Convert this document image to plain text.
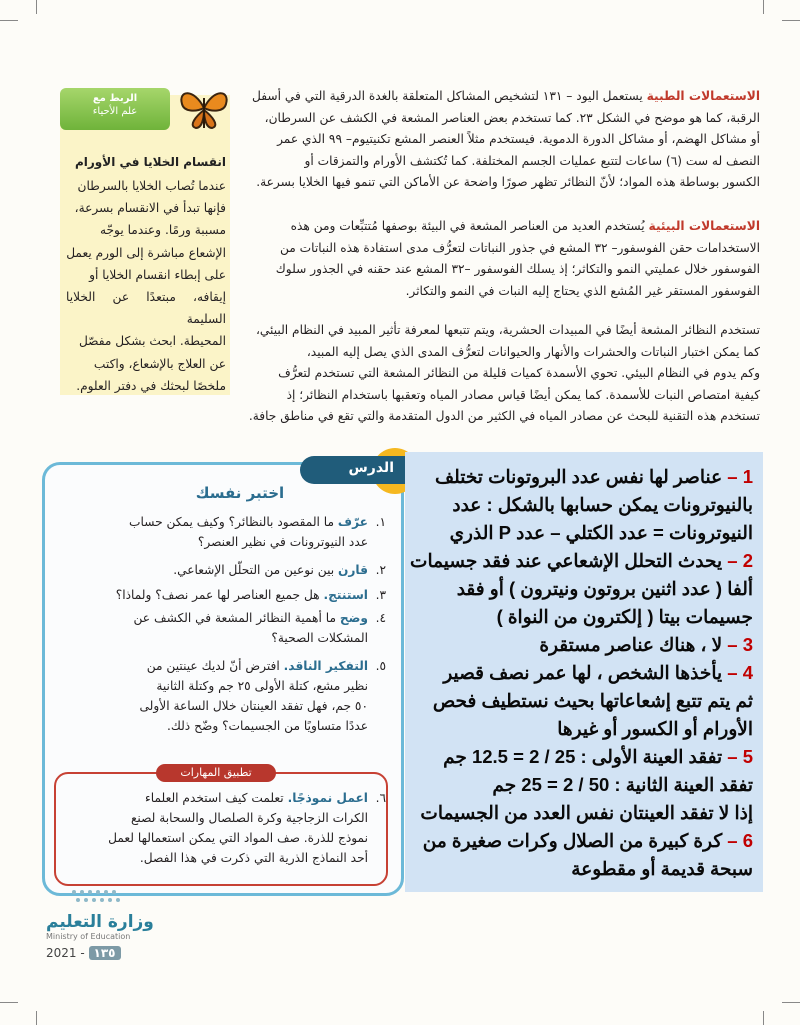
انقسام الخلايا في الأورام
عندما تُصاب الخلايا بالسرطان
فإنها تبدأ في الانقسام بسرعة،
مسببة ورمًا. وعندما يوجّه
الإشعاع مباشرة إلى الورم يعمل
على إبطاء انقسام الخلايا أو
إيقافه، مبتعدًا عن الخلايا السليمة
المحيطة. ابحث بشكل مفصّل
عن العلاج بالإشعاع، واكتب
ملخصًا لبحثك في دفتر العلوم.
الربط مع
علم الأحياء
الاستعمالات الطبية يستعمل اليود – ١٣١ لتشخيص المشاكل المتعلقة بالغدة الدرقية التي في أسفل
الرقبة، كما هو موضح في الشكل ٢٣. كما تستخدم بعض العناصر المشعة في الكشف عن السرطان،
أو مشاكل الهضم، أو مشاكل الدورة الدموية. فيستخدم مثلاً العنصر المشع تكنيتيوم– ٩٩ الذي عمر
النصف له ست (٦) ساعات لتتبع عمليات الجسم المختلفة. كما تُكتشف الأورام والتمزقات أو
الكسور بوساطة هذه المواد؛ لأنّ النظائر تظهر صورًا واضحة عن الأماكن التي تنمو فيها الخلايا بسرعة.
الاستعمالات البيئية يُستخدم العديد من العناصر المشعة في البيئة بوصفها مُتتبِّعات ومن هذه
الاستخدامات حقن الفوسفور– ٣٢ المشع في جذور النباتات لتعرُّف مدى استفادة هذه النباتات من
الفوسفور خلال عمليتي النمو والتكاثر؛ إذ يسلك الفوسفور –٣٢ المشع عند حقنه في الجذور سلوك
الفوسفور المستقر غير المُشع الذي يحتاج إليه النبات في النمو والتكاثر.
تستخدم النظائر المشعة أيضًا في المبيدات الحشرية، ويتم تتبعها لمعرفة تأثير المبيد في النظام البيئي،
كما يمكن اختبار النباتات والحشرات والأنهار والحيوانات لتعرُّف المدى الذي يصل إليه المبيد،
وكم يدوم في النظام البيئي. تحوي الأسمدة كميات قليلة من النظائر المشعة التي تستخدم لتعرُّف
كيفية امتصاص النبات للأسمدة. كما يمكن أيضًا قياس مصادر المياه وتعقبها باستخدام النظائر؛ إذ
تستخدم هذه التقنية للبحث عن مصادر المياه في الكثير من الدول المتقدمة والتي تقع في مناطق جافة.
الدرس
اختبر نفسك
١.
عرّف ما المقصود بالنظائر؟ وكيف يمكن حساب
عدد النيوترونات في نظير العنصر؟
٢.
قارن بين نوعين من التحلّل الإشعاعي.
٣.
استنتج. هل جميع العناصر لها عمر نصف؟ ولماذا؟
٤.
وضح ما أهمية النظائر المشعة في الكشف عن
المشكلات الصحية؟
٥.
التفكير الناقد. افترض أنّ لديك عينتين من
نظير مشع، كتلة الأولى ٢٥ جم وكتلة الثانية
٥٠ جم، فهل تفقد العينتان خلال الساعة الأولى
عددًا متساويًا من الجسيمات؟ وضّح ذلك.
تطبيق المهارات
٦.
اعمل نموذجًا. تعلمت كيف استخدم العلماء
الكرات الزجاجية وكرة الصلصال والسحابة لصنع
نموذج للذرة. صف المواد التي يمكن استعمالها لعمل
أحد النماذج الذرية التي ذكرت في هذا الفصل.
1 – عناصر لها نفس عدد البروتونات تختلف
بالنيوترونات يمكن حسابها بالشكل : عدد
النيوترونات = عدد الكتلي – عدد P الذري
2 – يحدث التحلل الإشعاعي عند فقد جسيمات
ألفا ( عدد اثنين بروتون ونيترون ) أو فقد
جسيمات بيتا ( إلكترون من النواة )
3 – لا ، هناك عناصر مستقرة
4 – يأخذها الشخص ، لها عمر نصف قصير
ثم يتم تتبع إشعاعاتها بحيث نستطيف فحص
الأورام أو الكسور أو غيرها
5 – تفقد العينة الأولى : 25 / 2 = 12.5 جم
تفقد العينة الثانية : 50 / 2 = 25 جم
إذا لا تفقد العينتان نفس العدد من الجسيمات
6 – كرة كبيرة من الصلال وكرات صغيرة من
سبحة قديمة أو مقطوعة
وزارة التعليم
Ministry of Education
2021 - ١٣٥
